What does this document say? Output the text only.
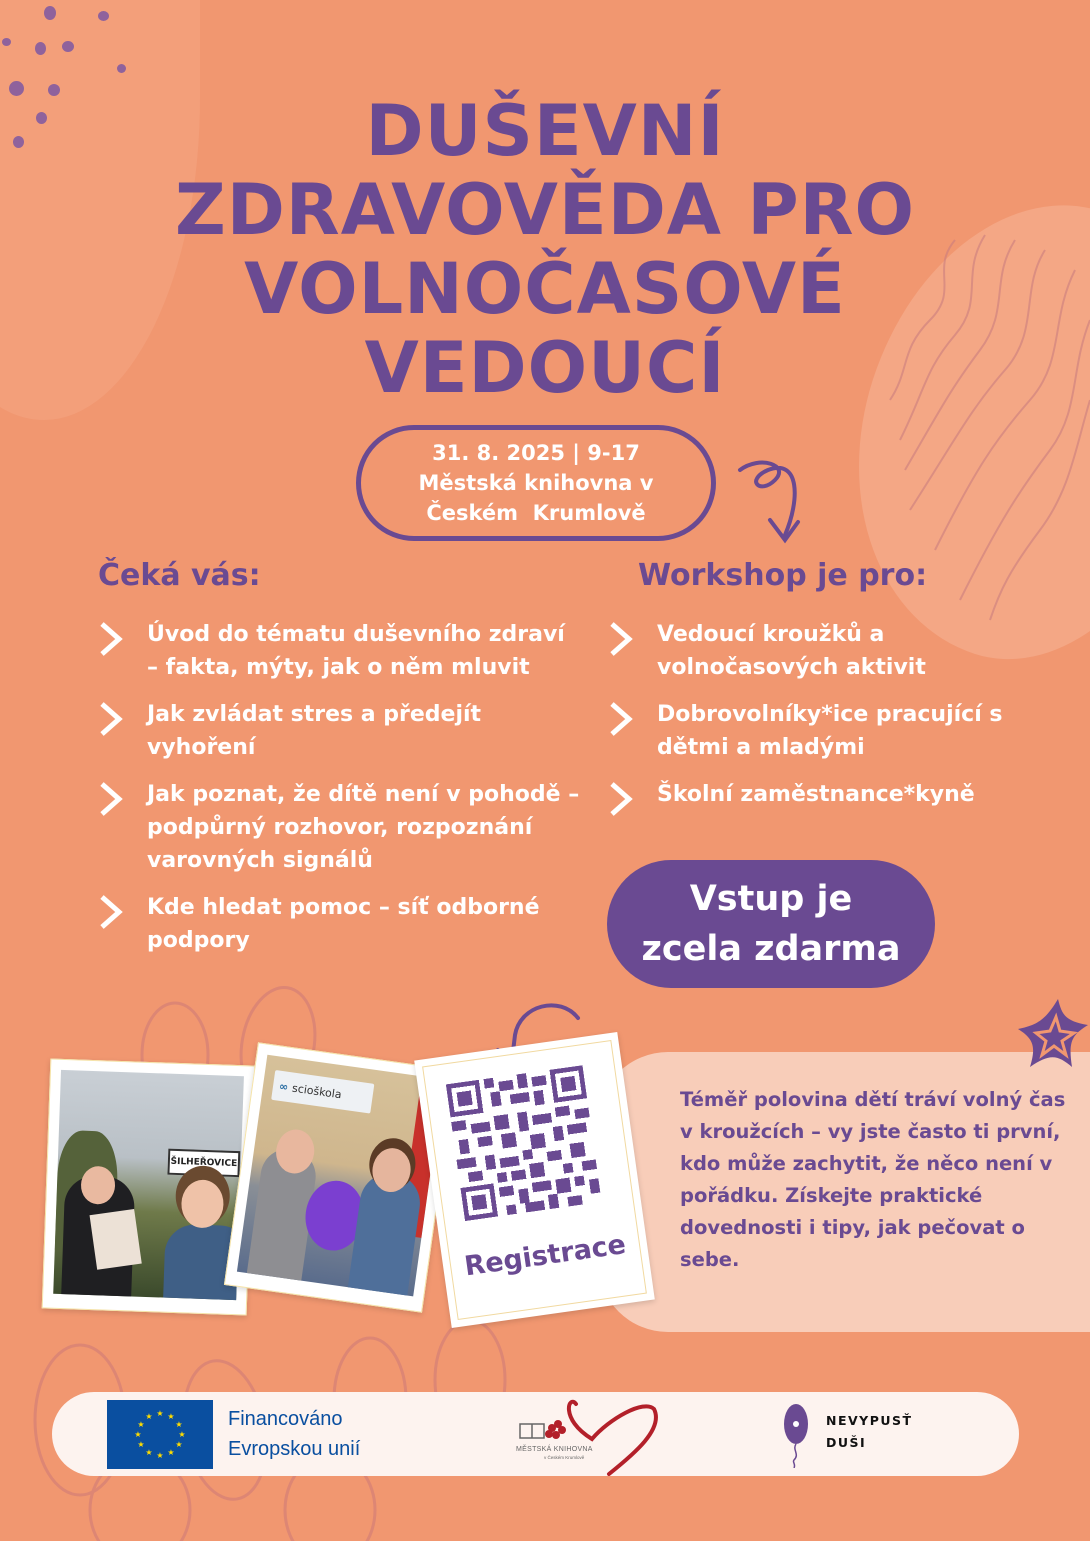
DUŠEVNÍ
ZDRAVOVĚDA PRO
VOLNOČASOVÉ
VEDOUCÍ
31. 8. 2025 | 9-17
Městská knihovna v
Českém  Krumlově
Čeká vás:
Úvod do tématu duševního zdraví – fakta, mýty, jak o něm mluvit
Jak zvládat stres a předejít vyhoření
Jak poznat, že dítě není v pohodě – podpůrný rozhovor, rozpoznání varovných signálů
Kde hledat pomoc – síť odborné podpory
Workshop je pro:
Vedoucí kroužků a volnočasových aktivit
Dobrovolníky*ice pracující s dětmi a mladými
Školní zaměstnance*kyně
Vstup je
zcela zdarma

Téměř polovina dětí tráví volný čas v kroužcích – vy jste často ti první, kdo může zachytit, že něco není v pořádku. Získejte praktické dovednosti i tipy, jak pečovat o sebe.

ŠILHEŘOVICE
∞ scioškola
Registrace
★ ★
★
★
★
★
★
★
★
★
★
★	Financováno
Evropskou unií	MĚSTSKÁ KNIHOVNA
v Českém Krumlově
NEVYPUSŤ
DUŠI
